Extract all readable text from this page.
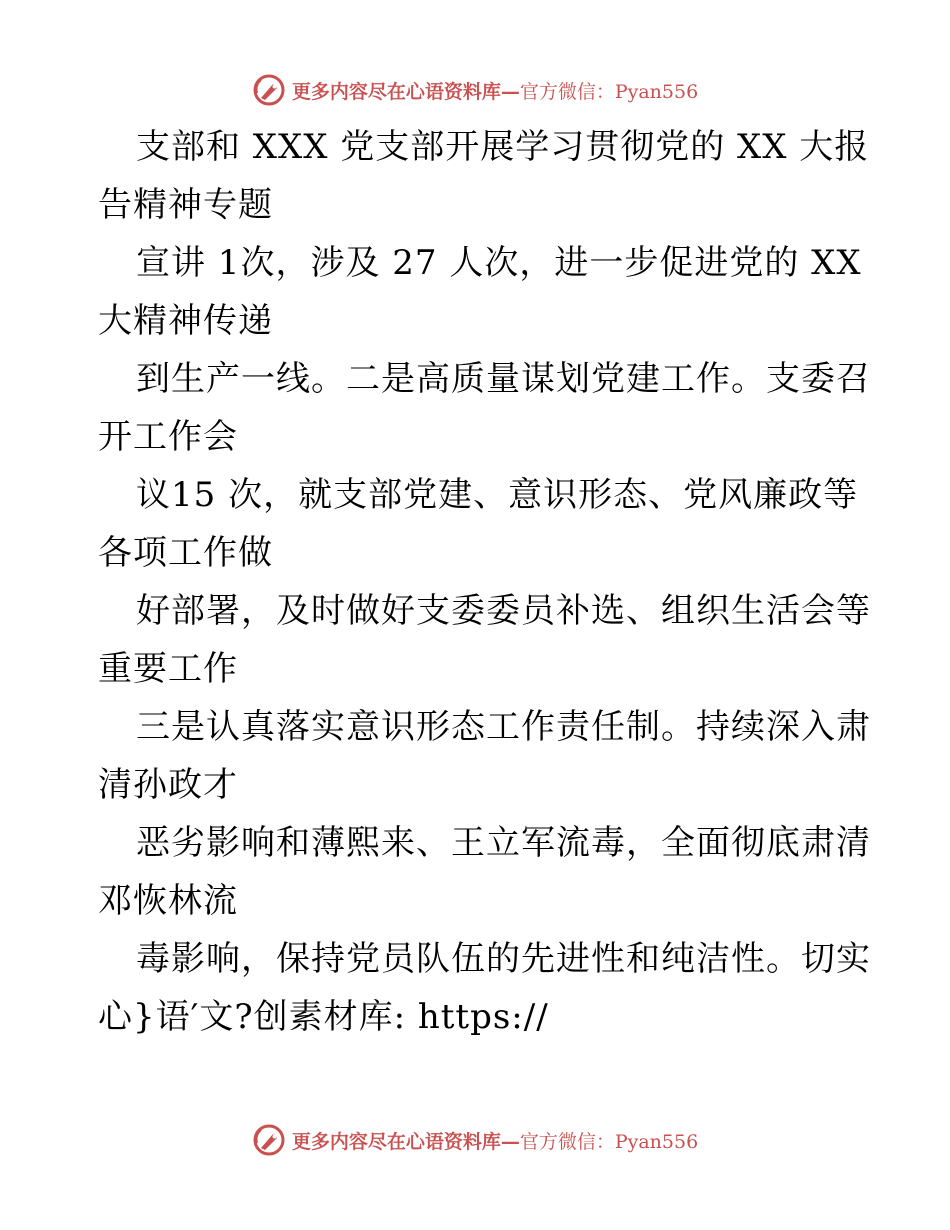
更多内容尽在心语资料库—官方微信：Pyan556
支部和 XXX 党支部开展学习贯彻党的 XX 大报
告精神专题
宣讲 1次，涉及 27 人次，进一步促进党的 XX
大精神传递
到生产一线。二是高质量谋划党建工作。支委召
开工作会
议15 次，就支部党建、意识形态、党风廉政等
各项工作做
好部署，及时做好支委委员补选、组织生活会等
重要工作
三是认真落实意识形态工作责任制。持续深入肃
清孙政才
恶劣影响和薄熙来、王立军流毒，全面彻底肃清
邓恢林流
毒影响，保持党员队伍的先进性和纯洁性。切实
心}语′文?创素材库: https://
更多内容尽在心语资料库—官方微信：Pyan556
